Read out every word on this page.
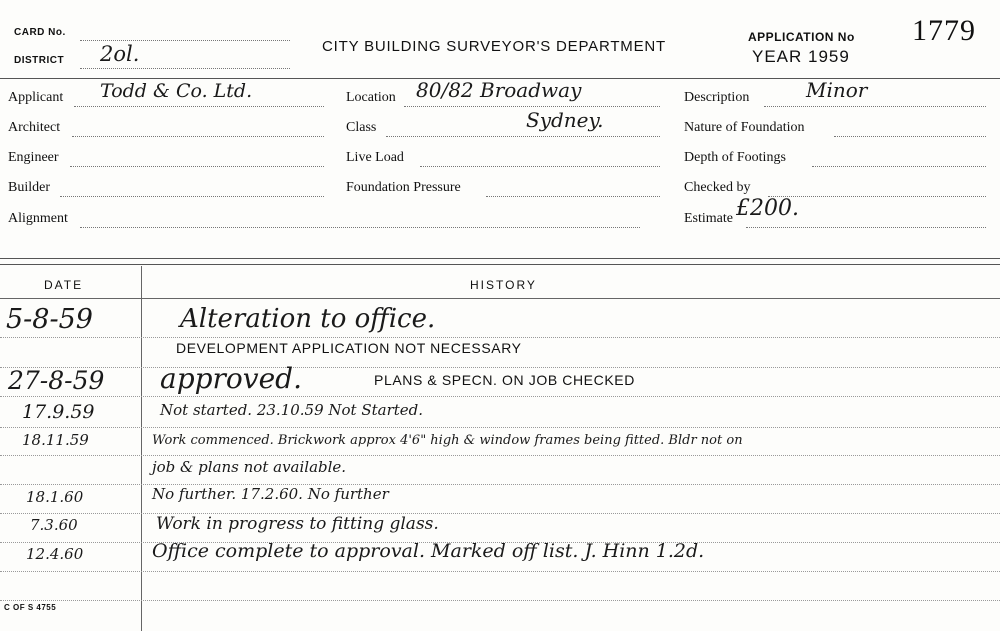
CARD No.
DISTRICT 2ol.	CITY BUILDING SURVEYOR'S DEPARTMENT
APPLICATION No 1779
YEAR 1959
Applicant Todd & Co. Ltd.
Architect
Engineer
Builder
Alignment
Location 80/82 Broadway
Class	Sydney.
Live Load
Foundation Pressure
Description	Minor
Nature of Foundation
Depth of Footings
Checked by
Estimate £200.
DATE	HISTORY
5-8-59	Alteration to office.
DEVELOPMENT APPLICATION NOT NECESSARY
27-8-59 approved.	PLANS & SPECN. ON JOB CHECKED
17.9.59	Not started. 23.10.59 Not Started.
18.11.59	Work commenced. Brickwork approx 4'6" high & window frames being fitted. Bldr not on
job & plans not available.
18.1.60	No further. 17.2.60. No further
7.3.60	Work in progress to fitting glass.
12.4.60	Office complete to approval. Marked off list. J. Hinn 1.2d.
C OF S 4755
